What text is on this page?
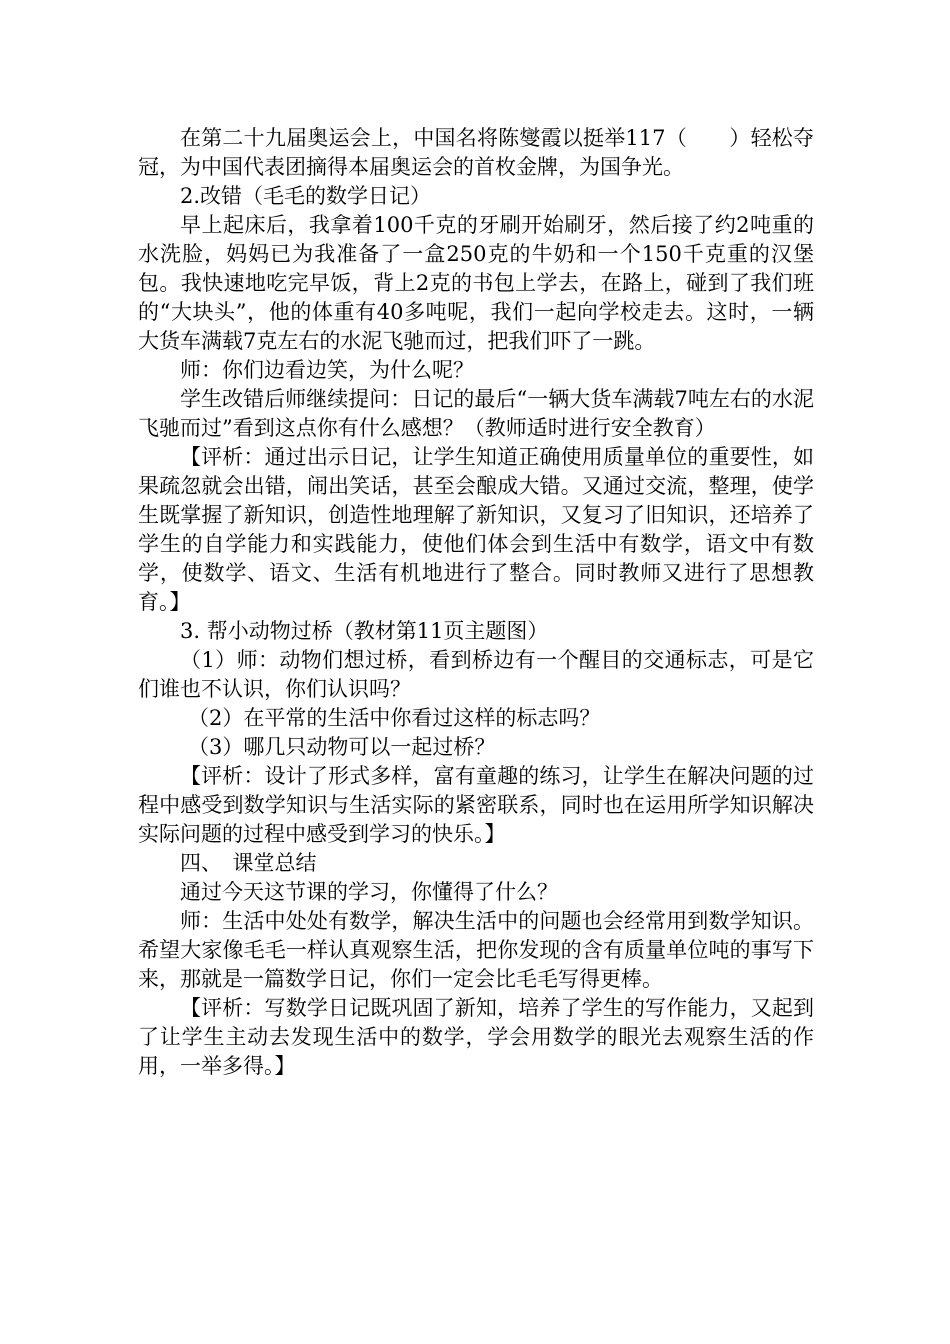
在第二十九届奥运会上，中国名将陈燮霞以挺举117（　　）轻松夺冠，为中国代表团摘得本届奥运会的首枚金牌，为国争光。

2.改错（毛毛的数学日记）

早上起床后，我拿着100千克的牙刷开始刷牙，然后接了约2吨重的水洗脸，妈妈已为我准备了一盒250克的牛奶和一个150千克重的汉堡包。我快速地吃完早饭，背上2克的书包上学去，在路上，碰到了我们班的“大块头”，他的体重有40多吨呢，我们一起向学校走去。这时，一辆大货车满载7克左右的水泥飞驰而过，把我们吓了一跳。

师：你们边看边笑，为什么呢？

学生改错后师继续提问：日记的最后“一辆大货车满载7吨左右的水泥飞驰而过”看到这点你有什么感想？（教师适时进行安全教育）

【评析：通过出示日记，让学生知道正确使用质量单位的重要性，如果疏忽就会出错，闹出笑话，甚至会酿成大错。又通过交流，整理，使学生既掌握了新知识，创造性地理解了新知识，又复习了旧知识，还培养了学生的自学能力和实践能力，使他们体会到生活中有数学，语文中有数学，使数学、语文、生活有机地进行了整合。同时教师又进行了思想教育。】

3. 帮小动物过桥（教材第11页主题图）

（1）师：动物们想过桥，看到桥边有一个醒目的交通标志，可是它们谁也不认识，你们认识吗？

（2）在平常的生活中你看过这样的标志吗？

（3）哪几只动物可以一起过桥？

【评析：设计了形式多样，富有童趣的练习，让学生在解决问题的过程中感受到数学知识与生活实际的紧密联系，同时也在运用所学知识解决实际问题的过程中感受到学习的快乐。】

四、　课堂总结

通过今天这节课的学习，你懂得了什么？

师：生活中处处有数学，解决生活中的问题也会经常用到数学知识。希望大家像毛毛一样认真观察生活，把你发现的含有质量单位吨的事写下来，那就是一篇数学日记，你们一定会比毛毛写得更棒。

【评析：写数学日记既巩固了新知，培养了学生的写作能力，又起到了让学生主动去发现生活中的数学，学会用数学的眼光去观察生活的作用，一举多得。】
